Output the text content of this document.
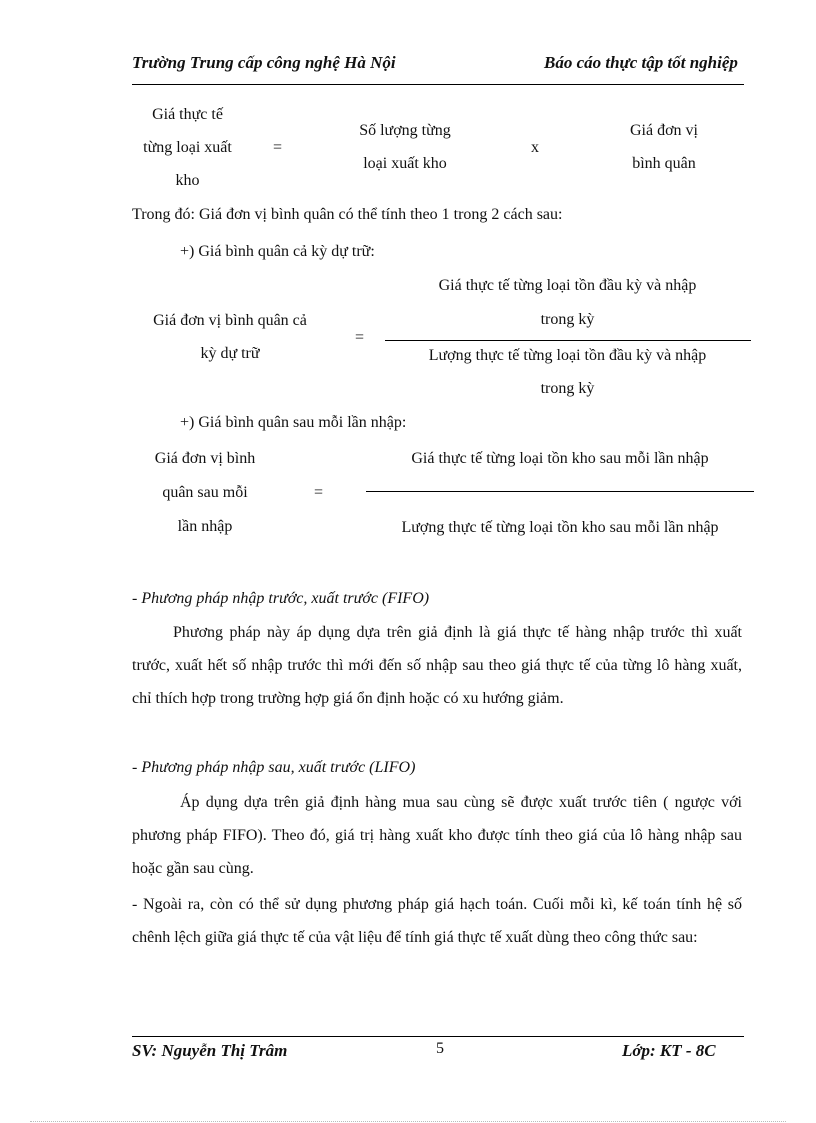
Trường Trung cấp công nghệ Hà Nội	Báo cáo thực tập tốt nghiệp
Giá thực tế
từng loại xuất
kho
=
Số lượng từng
loại xuất kho
x
Giá đơn vị
bình quân
Trong đó: Giá đơn vị bình quân có thể tính theo 1 trong 2 cách sau:
+) Giá bình quân cả kỳ dự trữ:
Giá đơn vị bình quân cả
kỳ dự trữ
=
Giá thực tế từng loại tồn đầu kỳ và nhập
trong kỳ
Lượng thực tế từng loại tồn đầu kỳ và nhập
trong kỳ
+) Giá bình quân sau mỗi lần nhập:
Giá đơn vị bình
quân sau mỗi
lần nhập
=
Giá thực tế từng loại tồn kho sau mỗi lần nhập
Lượng thực tế từng loại tồn kho sau mỗi lần nhập
- Phương pháp nhập trước, xuất trước (FIFO)

Phương pháp này áp dụng dựa trên giả định là giá thực tế hàng nhập trước thì xuất trước, xuất hết số nhập trước thì mới đến số nhập sau theo giá thực tế của từng lô hàng xuất, chỉ thích hợp trong trường hợp giá ổn định hoặc có xu hướng giảm.

- Phương pháp nhập sau, xuất trước (LIFO)

Áp dụng dựa trên giả định hàng mua sau cùng sẽ được xuất trước tiên ( ngược với phương pháp FIFO). Theo đó, giá trị hàng xuất kho được tính theo giá của lô hàng nhập sau hoặc gần sau cùng.

- Ngoài ra, còn có thể sử dụng phương pháp giá hạch toán. Cuối mỗi kì, kế toán tính hệ số chênh lệch giữa giá thực tế của vật liệu để tính giá thực tế xuất dùng theo công thức sau:

SV: Nguyễn Thị Trâm	5	Lớp: KT - 8C
